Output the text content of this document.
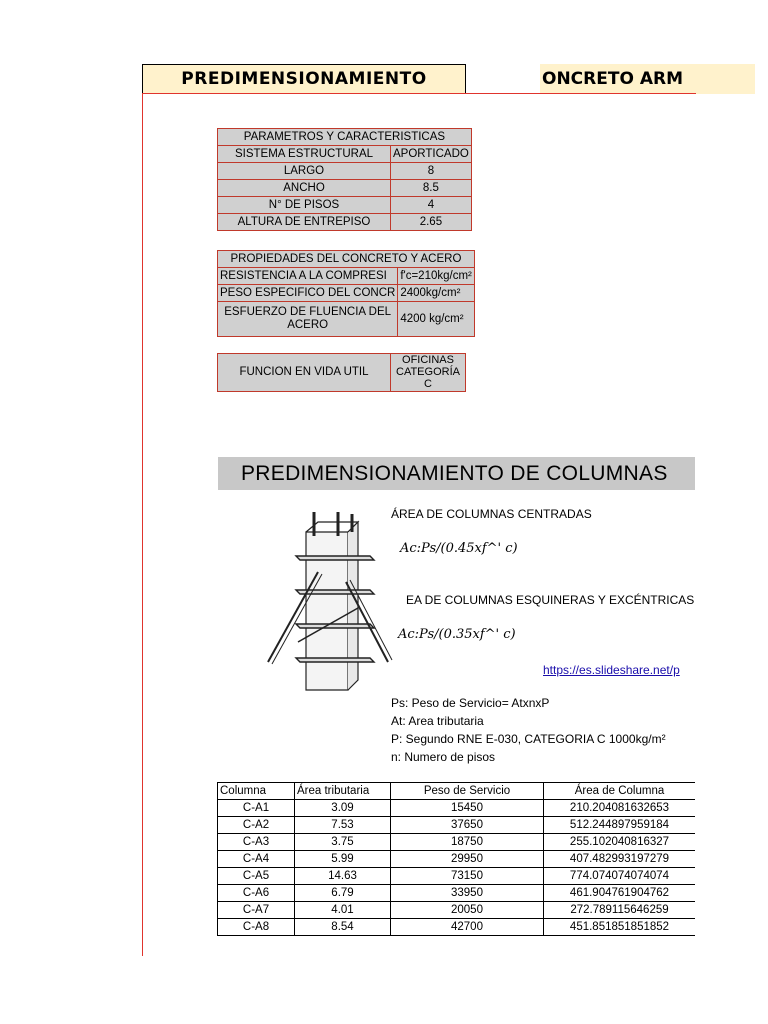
PREDIMENSIONAMIENTO	ONCRETO ARM
PARAMETROS Y CARACTERISTICAS	
SISTEMA ESTRUCTURAL	APORTICADO
LARGO	8
ANCHO	8.5
N° DE PISOS	4
ALTURA DE ENTREPISO	2.65
PROPIEDADES DEL CONCRETO Y ACERO	
RESISTENCIA A LA COMPRESI	f'c=210kg/cm²
PESO ESPECIFICO DEL CONCR	2400kg/cm²
ESFUERZO DE FLUENCIA DEL ACERO	4200 kg/cm²
FUNCION EN VIDA UTIL	OFICINAS CATEGORÍA C
PREDIMENSIONAMIENTO DE COLUMNAS
ÁREA DE COLUMNAS CENTRADAS
Ac:Ps/(0.45xf^' c)
EA DE COLUMNAS ESQUINERAS Y EXCÉNTRICAS
Ac:Ps/(0.35xf^' c)
https://es.slideshare.net/p
Ps: Peso de Servicio= AtxnxP
At: Area tributaria
P: Segundo RNE E-030, CATEGORIA C 1000kg/m²
n: Numero de pisos
Columna	Área tributaria	Peso de Servicio	Área de Columna
C-A1	3.09	15450	210.204081632653
C-A2	7.53	37650	512.244897959184
C-A3	3.75	18750	255.102040816327
C-A4	5.99	29950	407.482993197279
C-A5	14.63	73150	774.074074074074
C-A6	6.79	33950	461.904761904762
C-A7	4.01	20050	272.789115646259
C-A8	8.54	42700	451.851851851852
